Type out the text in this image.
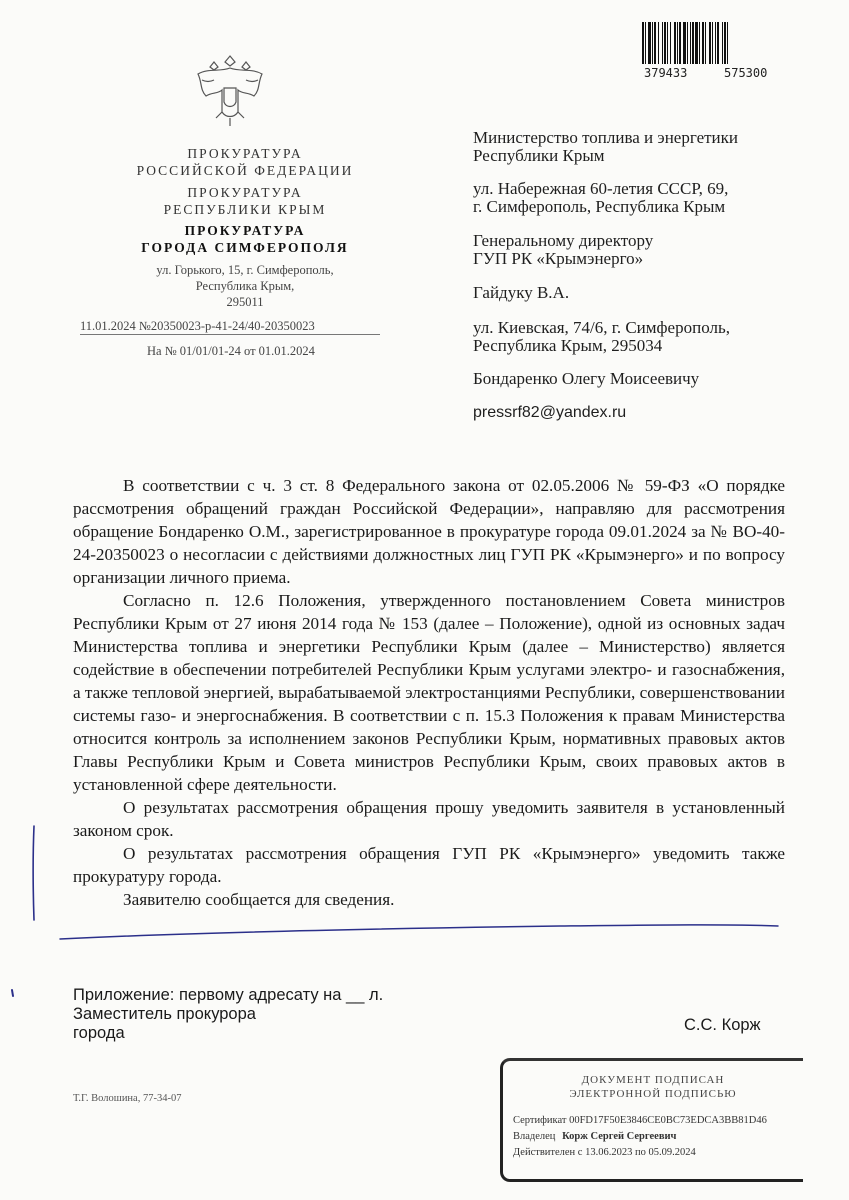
379433	575300
ПРОКУРАТУРА
РОССИЙСКОЙ ФЕДЕРАЦИИ
ПРОКУРАТУРА
РЕСПУБЛИКИ КРЫМ
ПРОКУРАТУРА
ГОРОДА СИМФЕРОПОЛЯ
ул. Горького, 15, г. Симферополь,
Республика Крым,
295011
11.01.2024 №20350023-р-41-24/40-20350023
На № 01/01/01-24 от 01.01.2024
Министерство топлива и энергетики
Республики Крым
ул. Набережная 60-летия СССР, 69,
г. Симферополь, Республика Крым
Генеральному директору
ГУП РК «Крымэнерго»
Гайдуку В.А.
ул. Киевская, 74/6, г. Симферополь,
Республика Крым, 295034
Бондаренко Олегу Моисеевичу
pressrf82@yandex.ru

В соответствии с ч. 3 ст. 8 Федерального закона от 02.05.2006 № 59-ФЗ «О порядке рассмотрения обращений граждан Российской Федерации», направляю для рассмотрения обращение Бондаренко О.М., зарегистрированное в прокуратуре города 09.01.2024 за № ВО-40-24-20350023 о несогласии с действиями должностных лиц ГУП РК «Крымэнерго» и по вопросу организации личного приема.

Согласно п. 12.6 Положения, утвержденного постановлением Совета министров Республики Крым от 27 июня 2014 года № 153 (далее – Положение), одной из основных задач Министерства топлива и энергетики Республики Крым (далее – Министерство) является содействие в обеспечении потребителей Республики Крым услугами электро- и газоснабжения, а также тепловой энергией, вырабатываемой электростанциями Республики, совершенствовании системы газо- и энергоснабжения. В соответствии с п. 15.3 Положения к правам Министерства относится контроль за исполнением законов Республики Крым, нормативных правовых актов Главы Республики Крым и Совета министров Республики Крым, своих правовых актов в установленной сфере деятельности.

О результатах рассмотрения обращения прошу уведомить заявителя в установленный законом срок.

О результатах рассмотрения обращения ГУП РК «Крымэнерго» уведомить также прокуратуру города.

Заявителю сообщается для сведения.

Приложение: первому адресату на __ л.
Заместитель прокурора
города	С.С. Корж
Т.Г. Волошина, 77-34-07
ДОКУМЕНТ ПОДПИСАН
ЭЛЕКТРОННОЙ ПОДПИСЬЮ
Сертификат 00FD17F50E3846CE0BC73EDCA3BB81D46
Владелец Корж Сергей Сергеевич
Действителен с 13.06.2023 по 05.09.2024
